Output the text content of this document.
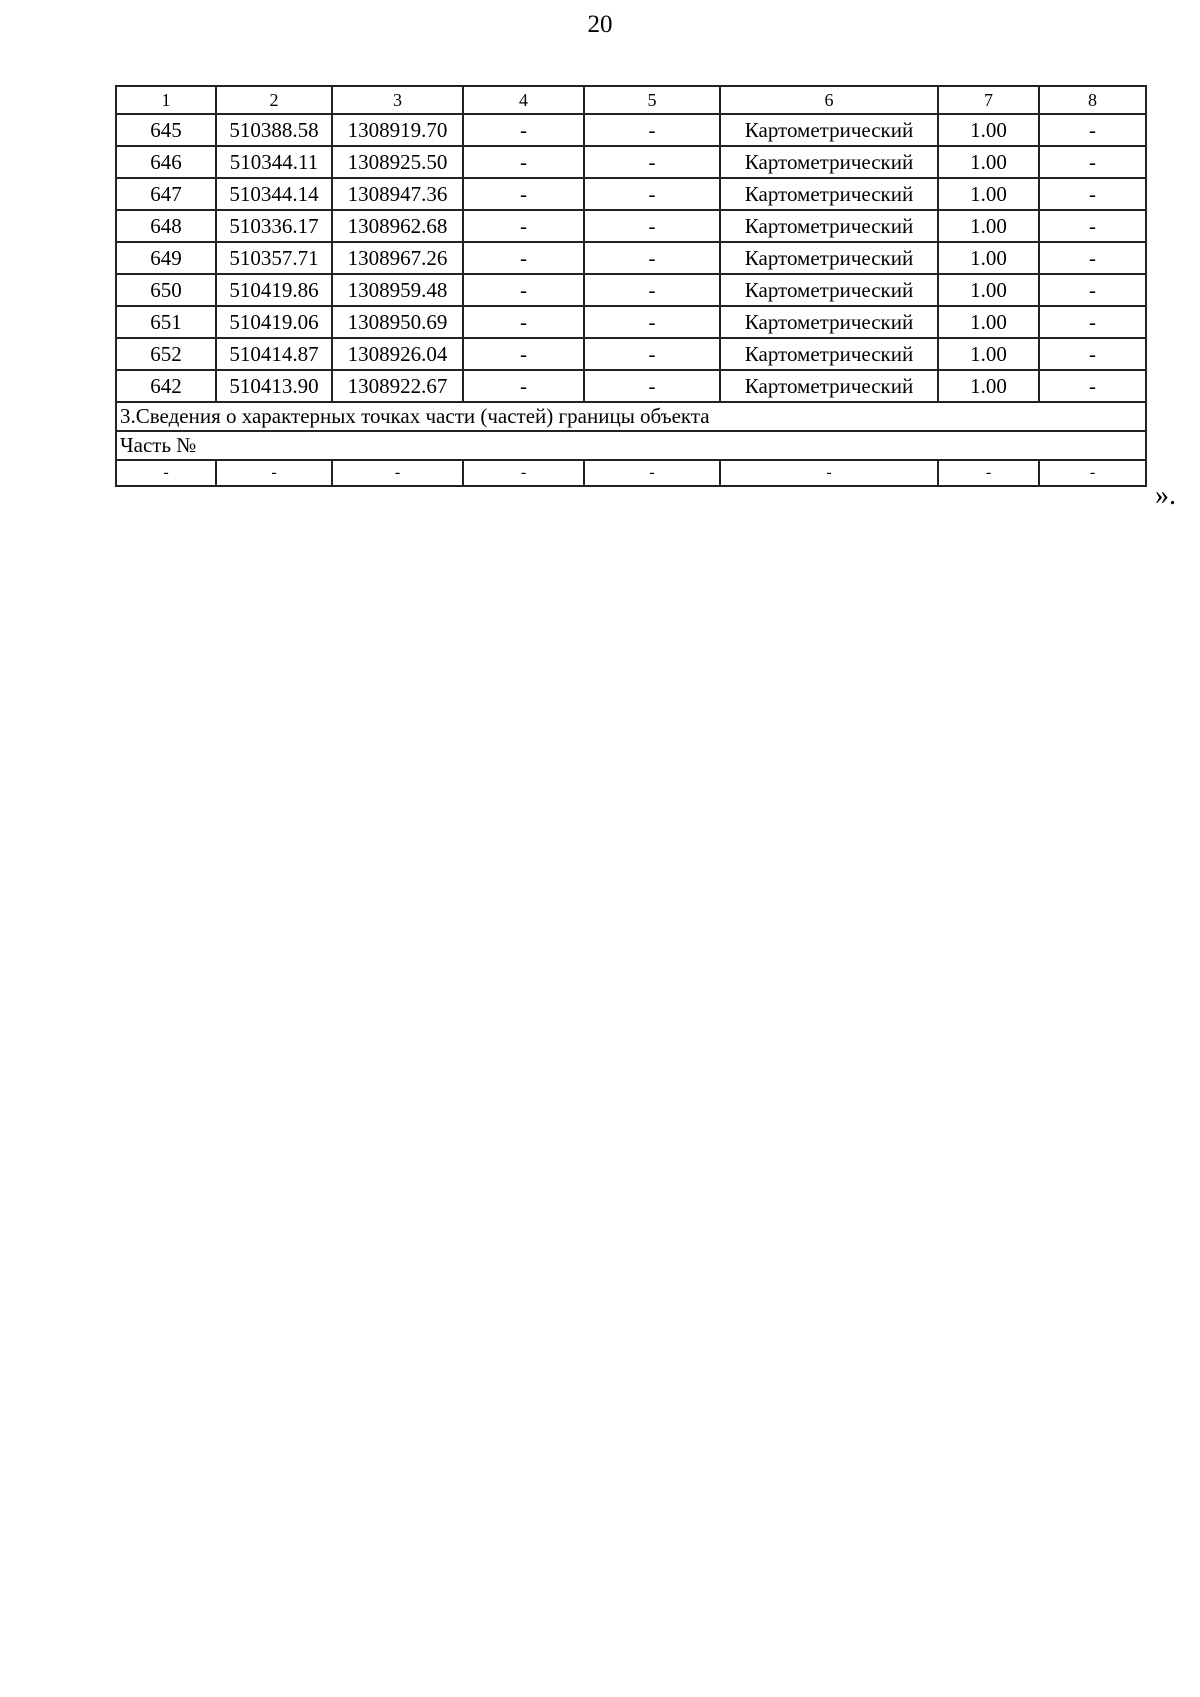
20
1	2	3	4	5	6	7	8
645	510388.58	1308919.70	-	-	Картометрический	1.00	-
646	510344.11	1308925.50	-	-	Картометрический	1.00	-
647	510344.14	1308947.36	-	-	Картометрический	1.00	-
648	510336.17	1308962.68	-	-	Картометрический	1.00	-
649	510357.71	1308967.26	-	-	Картометрический	1.00	-
650	510419.86	1308959.48	-	-	Картометрический	1.00	-
651	510419.06	1308950.69	-	-	Картометрический	1.00	-
652	510414.87	1308926.04	-	-	Картометрический	1.00	-
642	510413.90	1308922.67	-	-	Картометрический	1.00	-
3.Сведения о характерных точках части (частей) границы объекта							
Часть №							
-	-	-	-	-	-	-	-
».
